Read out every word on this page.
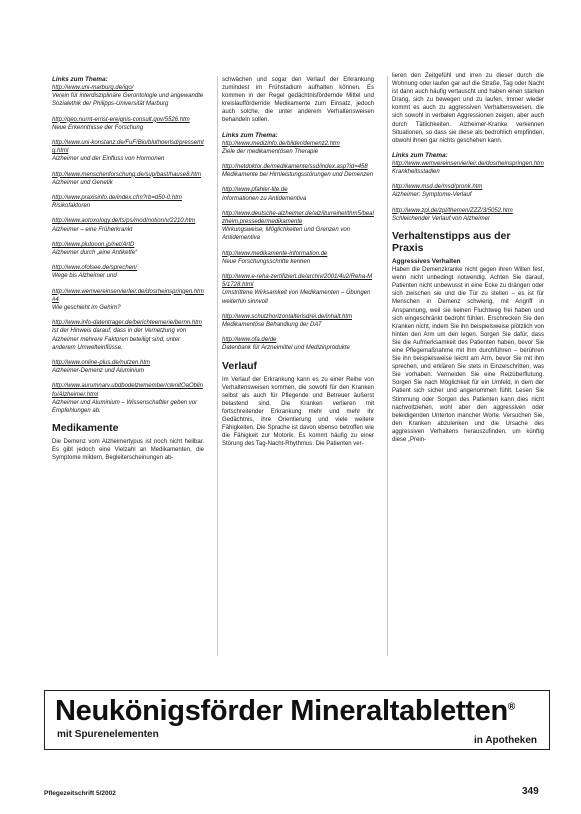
Links zum Thema:
http://www.uni-marburg.de/igo/
Verein für interdisziplinäre Gerontologie und angewandte Sozialethik der Philipps-Universität Marburg
http://geo.nurnt-ernst-ereignis-consult.gov/5526.htm
Neue Erkenntnisse der Forschung
http://www.uni-konstanz.de/FuF/Bio/bluthoerlsd/pressemtg.html
Alzheimer und der Einfluss von Hormonen
http://www.menschenforschung.de/sup/bast/hause8.htm
Alzheimer und Genetik
http://www.praxisinfo.de/index.cfm?rb=d50-0.htm
Risikofaktoren
http://www.aotoxology.de/ts/ps/mod/notion/v/2210.htm
Alzheimer – eine Früherkrankt
http://www.plutooon.jp/net/ArtD
Alzheimer durch „eine Antikette“
http://www.ofolsee.de/sprechen/
Wege bis Alzheimer und
http://www.wemvereinservierleir.de/dosrheinspringen.htm#4
Wie geschieht im Gehirn?
http://www.info-datentrager.de/berichteemerie/bernn.htm
Ist der Hinweis darauf, dass in der Vernetzung von Alzheimer mehrere Faktoren beteiligt sind, unter anderem Umwelteinflüsse.
http://www.online-plus.de/nutzen.htm
Alzheimer-Demenz und Aluminium
http://www.aurumnarv.ubdbodelzwmember/clenitOaOblinfo/Alzheimer.html
Alzheimer und Aluminium – Wissenschaftler geben vor Empfehlungen ab.
Medikamente

Die Demenz vom Alzheimertypus ist noch nicht heilbar. Es gibt jedoch eine Vielzahl an Medikamenten, die Symptome mildern, Begleiterscheinungen ab-

schwächen und sogar den Verlauf der Erkrankung zumindest im Frühstadium aufhalten können. Es kommen in der Regel gedächtnisfördernde Mittel und kreislauffördernde Medikamente zum Einsatz, jedoch auch solche, die unter anderem Verhaltensweisen behandeln sollen.

Links zum Thema:
http://www.medizinfo.de/bilder/demenz2.htm
Ziele der medikamentösen Therapie
http://netdoktor.de/medikamente/ssd/index.asp?id=458
Medikamente bei Hirnleistungsstörungen und Demenzen
http://www.pfahler-lite.de
Informationen zu Antidementiva
http://www.deutsche-alzheimer.de/alz/iturreihel/thm5/bealzheim.pressedermedikamente
Wirkungsweise, Möglichkeiten und Grenzen von Antidementiva
http://www.medikamente-information.de
Neue Forschungsschritte kennen
http://www.e-reha-zertifiziert.de/archiv/2001/4u2/Reha-M5/1728.html
Umstrittene Wirksamkeit von Medikamenten – Übungen weiterhin sinnvoll
http://www.schutzhorizontalterlsdrei.de/inhalt.htm
Medikamentöse Behandlung der DAT
http://www.ofa.de/de
Datenbank für Arzneimittel und Medizinprodukte
Verlauf

Im Verlauf der Erkrankung kann es zu einer Reihe von Verhaltensweisen kommen, die sowohl für den Kranken selbst als auch für Pflegende und Betreuer äußerst belastend sind. Die Kranken verlieren mit fortschreitender Erkrankung mehr und mehr ihr Gedächtnis, ihre Orientierung und viele weitere Fähigkeiten. Die Sprache ist davon ebenso betroffen wie die Fähigkeit zur Motorik. Es kommt häufig zu einer Störung des Tag-Nacht-Rhythmus. Die Patienten ver-

lieren den Zeitgefühl und irren zu dieser durch die Wohnung oder laufen gar auf die Straße. Tag oder Nacht ist dann auch häufig vertauscht und haben einen starken Drang, sich zu bewegen und zu laufen. Immer wieder kommt es auch zu aggressiven Verhaltensweisen, die sich sowohl in verbalen Aggressionen zeigen, aber auch durch Tätlichkeiten. Alzheimer-Kranke verkennen Situationen, so dass sie diese als bedrohlich empfinden, obwohl ihnen gar nichts geschehen kann.

Links zum Thema:
http://www.wemvereinservierleir.de/dosrheinspringen.htm
Krankheitsstadien
http://www.msd.de/msd/pronk.htm
Alzheimer: Symptome-Verlauf
http://www.zpl.de/zpl/themen/ZZZ/3/5052.htm
Schleichender Verlauf von Alzheimer
Verhaltenstipps aus der Praxis
Aggressives Verhalten

Haben die Demenzkranke nicht gegen ihren Willen fest, wenn nicht unbedingt notwendig. Achten Sie darauf, Patienten nicht unbewusst in eine Ecke zu drängen oder sich zwischen sie und die Tür zu stellen – es ist für Menschen in Demenz schwierig, mit Angriff in Anspannung, weil sie keinen Fluchtweg frei haben und sich eingeschränkt bedroht fühlen. Erschrecken Sie den Kranken nicht, indem Sie ihn beispielsweise plötzlich von hinten den Arm um den legen. Sorgen Sie dafür, dass Sie die Aufmerksamkeit des Patienten haben, bevor Sie eine Pflegemaßnahme mit ihm durchführen – berühren Sie ihn beispielsweise leicht am Arm, bevor Sie mit ihm sprechen, und erklären Sie stets in Einzelschritten, was Sie vorhaben. Vermeiden Sie eine Reizüberflutung. Sorgen Sie nach Möglichkeit für ein Umfeld, in dem der Patient sich sicher und angenommen fühlt. Lesen Sie Stimmung oder Sorgen des Patienten kann dies nicht nachvollziehen, wohl aber den aggressiven oder beleidigenden Unterton mancher Worte. Versuchen Sie, den Kranken abzulenken und die Ursache des aggressiven Verhaltens herauszufinden, um künftig diese „Prein-

Neukönigsförder Mineraltabletten®
mit Spurenelementen
in Apotheken
Pflegezeitschrift 5/2002	349
